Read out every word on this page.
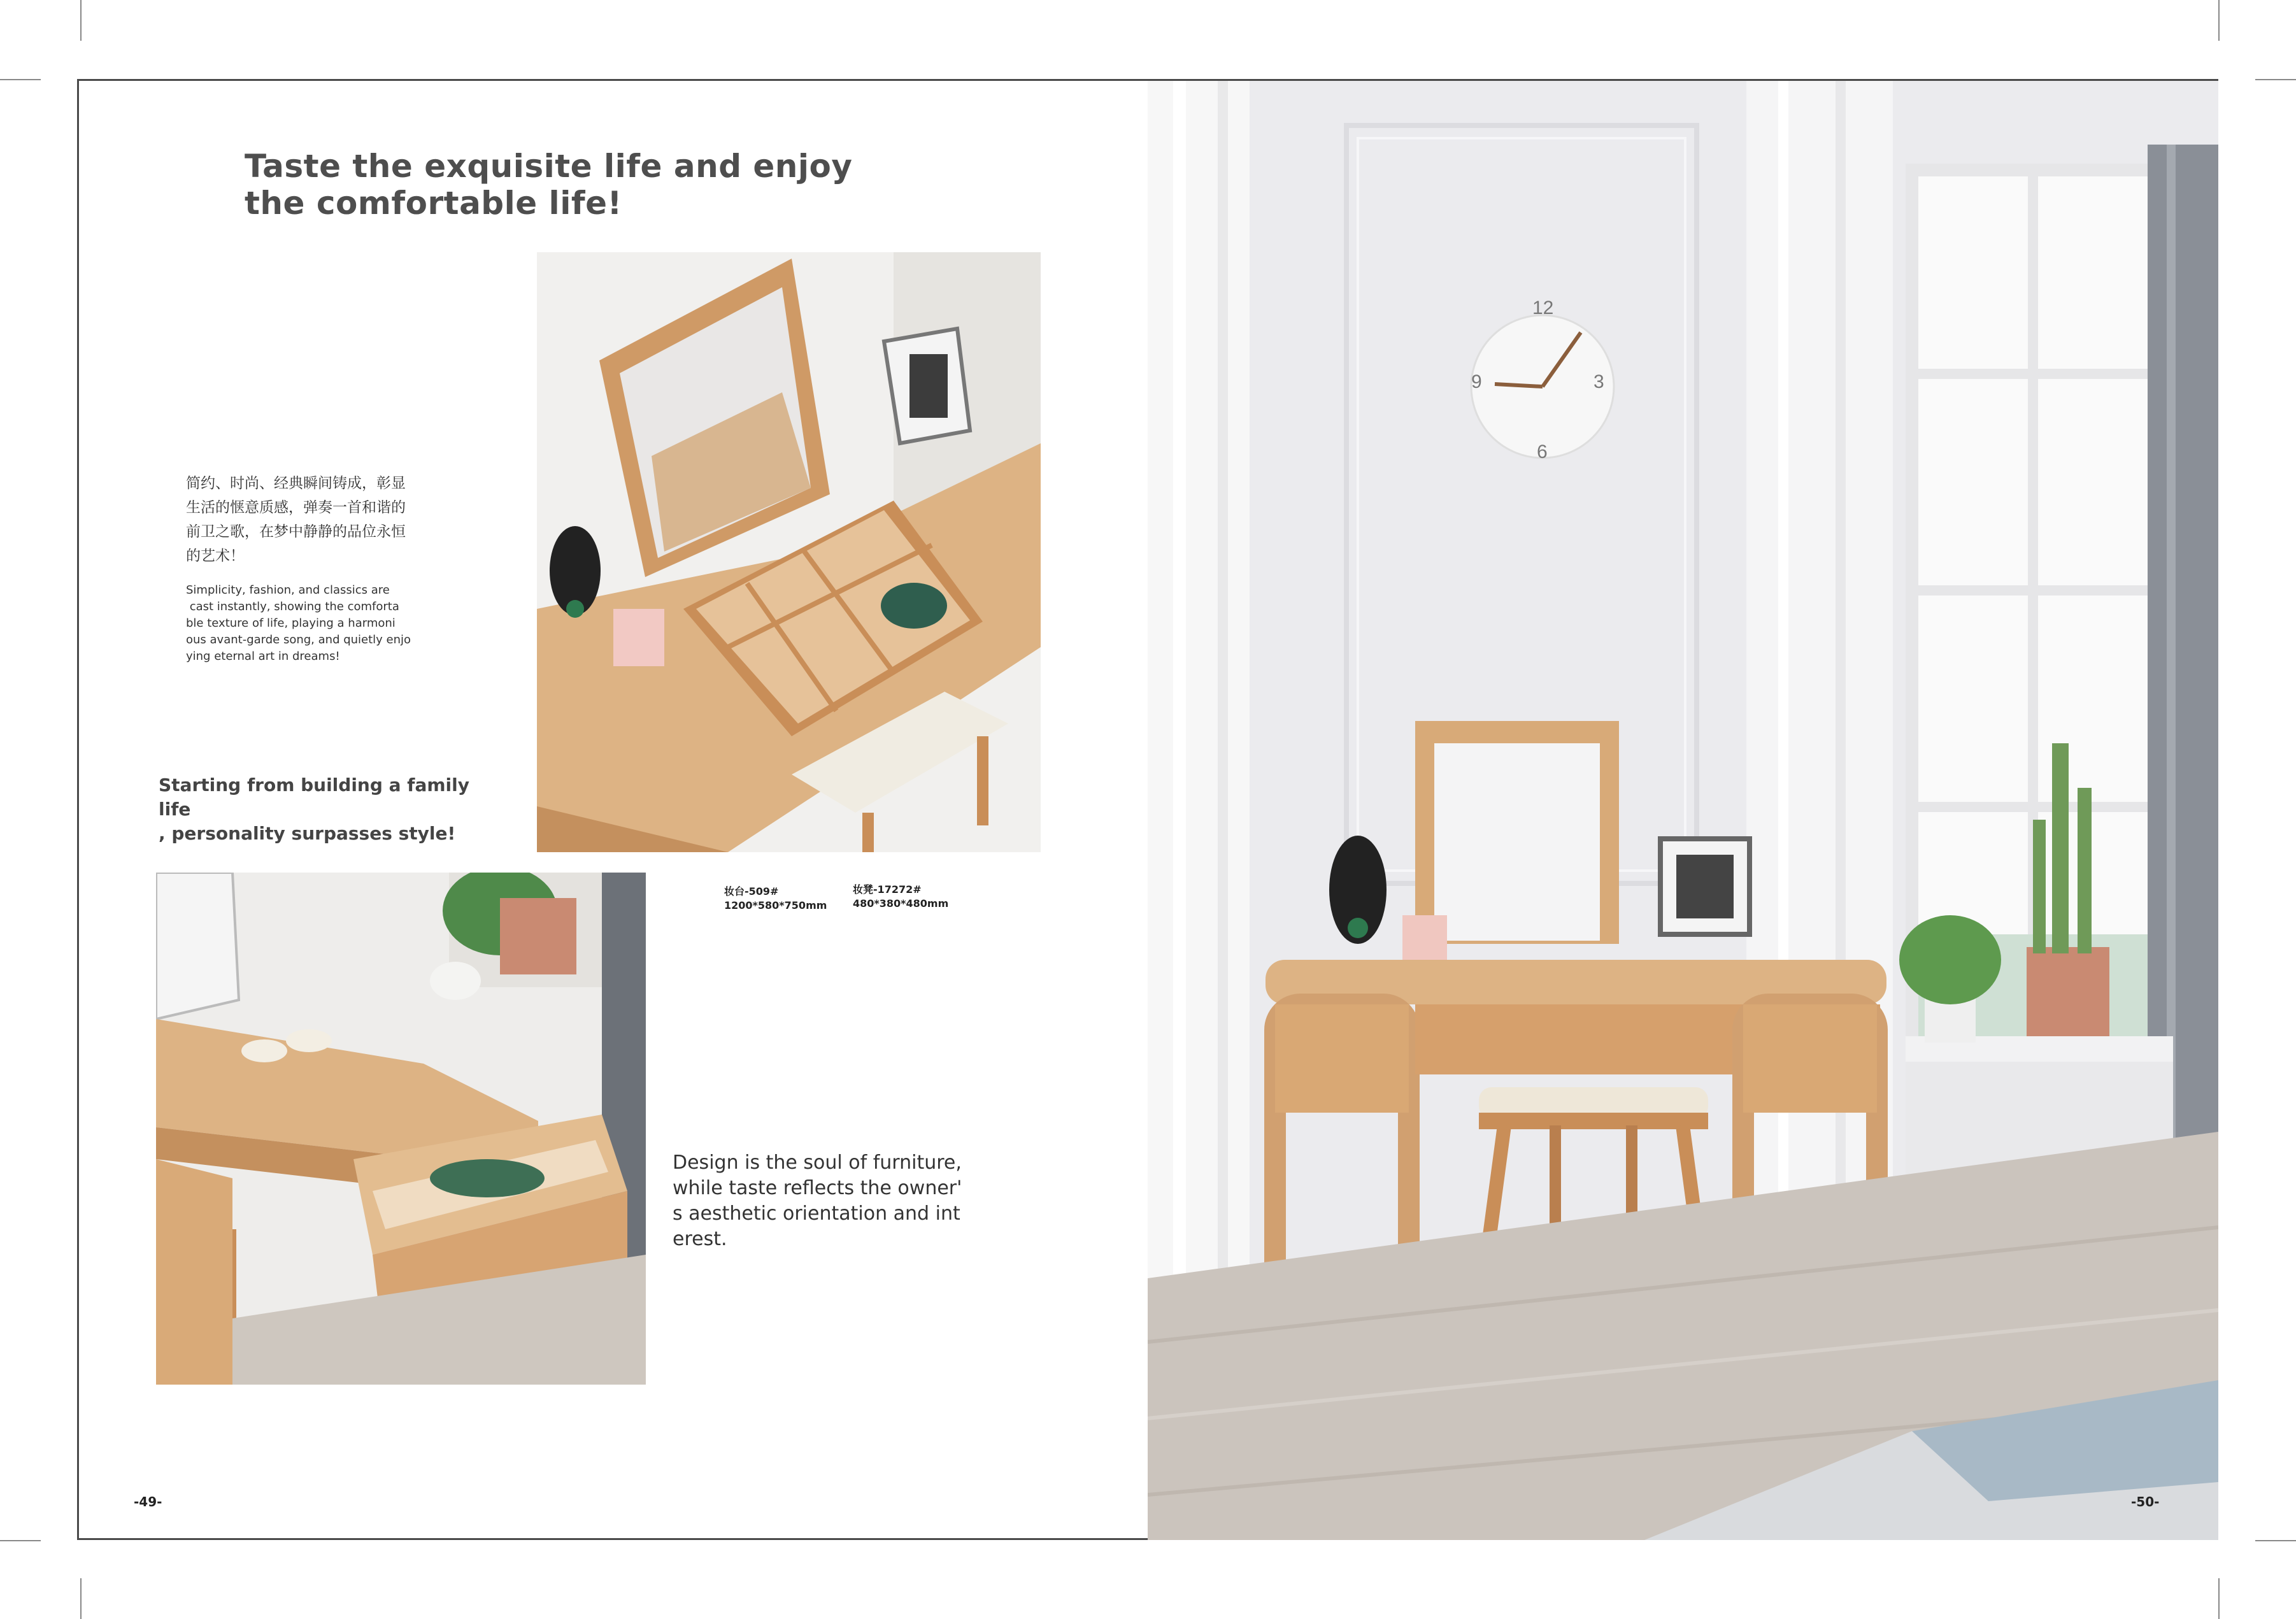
Taste the exquisite life and enjoy
the comfortable life!
简约、时尚、经典瞬间铸成，彰显
生活的惬意质感，弹奏一首和谐的
前卫之歌，在梦中静静的品位永恒
的艺术！
Simplicity, fashion, and classics are
cast instantly, showing the comforta
ble texture of life, playing a harmoni
ous avant-garde song, and quietly enjo
ying eternal art in dreams!
Starting from building a family life
, personality surpasses style!
妆台-509#
1200*580*750mm
妆凳-17272#
480*380*480mm
Design is the soul of furniture,
while taste reflects the owner'
s aesthetic orientation and int
erest.
12
3
6
9
-49-	-50-
